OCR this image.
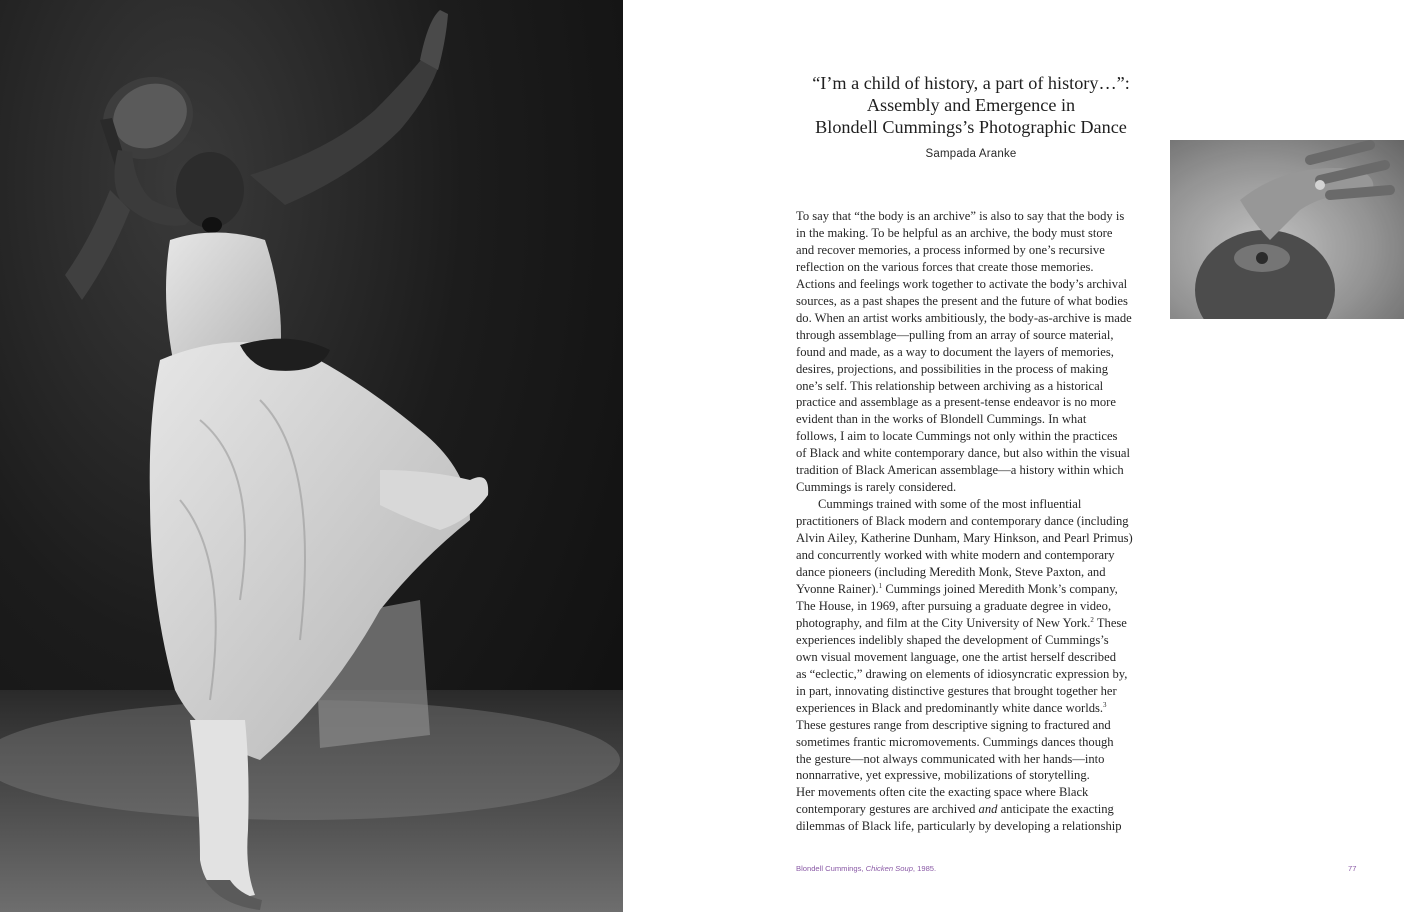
“I’m a child of history, a part of history…”:
Assembly and Emergence in
Blondell Cummings’s Photographic Dance
Sampada Aranke
To say that “the body is an archive” is also to say that the body is
in the making. To be helpful as an archive, the body must store
and recover memories, a process informed by one’s recursive
reflection on the various forces that create those memories.
Actions and feelings work together to activate the body’s archival
sources, as a past shapes the present and the future of what bodies
do. When an artist works ambitiously, the body-as-archive is made
through assemblage—pulling from an array of source material,
found and made, as a way to document the layers of memories,
desires, projections, and possibilities in the process of making
one’s self. This relationship between archiving as a historical
practice and assemblage as a present-tense endeavor is no more
evident than in the works of Blondell Cummings. In what
follows, I aim to locate Cummings not only within the practices
of Black and white contemporary dance, but also within the visual
tradition of Black American assemblage—a history within which
Cummings is rarely considered.
Cummings trained with some of the most influential
practitioners of Black modern and contemporary dance (including
Alvin Ailey, Katherine Dunham, Mary Hinkson, and Pearl Primus)
and concurrently worked with white modern and contemporary
dance pioneers (including Meredith Monk, Steve Paxton, and
Yvonne Rainer).$^1$ Cummings joined Meredith Monk’s company,
The House, in 1969, after pursuing a graduate degree in video,
photography, and film at the City University of New York.$^2$ These
experiences indelibly shaped the development of Cummings’s
own visual movement language, one the artist herself described
as “eclectic,” drawing on elements of idiosyncratic expression by,
in part, innovating distinctive gestures that brought together her
experiences in Black and predominantly white dance worlds.$^3$
These gestures range from descriptive signing to fractured and
sometimes frantic micromovements. Cummings dances though
the gesture—not always communicated with her hands—into
nonnarrative, yet expressive, mobilizations of storytelling.
Her movements often cite the exacting space where Black
contemporary gestures are archived and anticipate the exacting
dilemmas of Black life, particularly by developing a relationship
Blondell Cummings, Chicken Soup, 1985.	77
